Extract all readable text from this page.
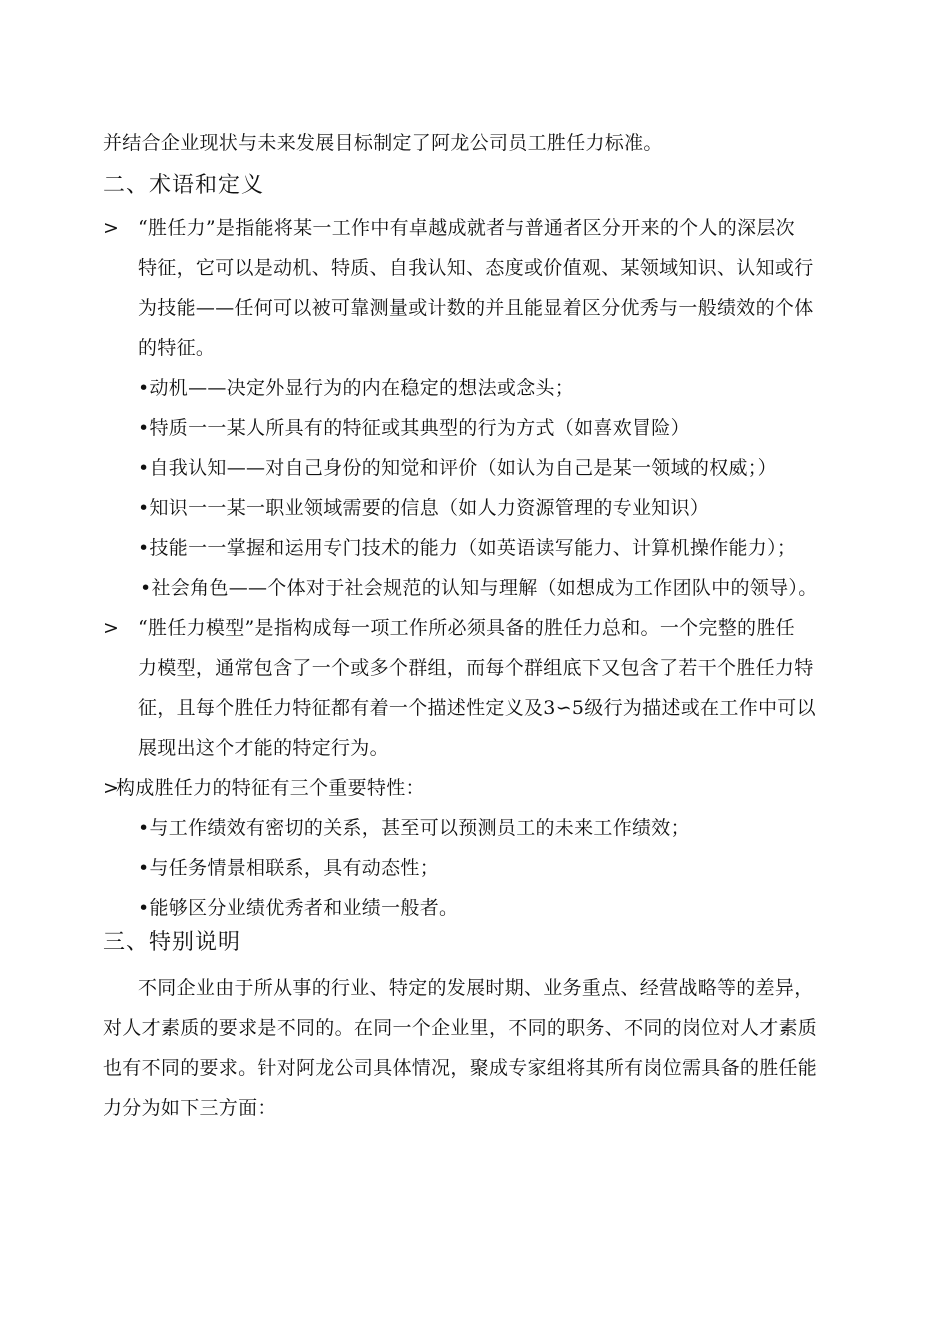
并结合企业现状与未来发展目标制定了阿龙公司员工胜任力标准。
二、术语和定义
> “胜任力”是指能将某一工作中有卓越成就者与普通者区分开来的个人的深层次
特征，它可以是动机、特质、自我认知、态度或价值观、某领域知识、认知或行
为技能——任何可以被可靠测量或计数的并且能显着区分优秀与一般绩效的个体
的特征。
•动机——决定外显行为的内在稳定的想法或念头；
•特质一一某人所具有的特征或其典型的行为方式（如喜欢冒险）
•自我认知——对自己身份的知觉和评价（如认为自己是某一领域的权威；）
•知识一一某一职业领域需要的信息（如人力资源管理的专业知识）
•技能一一掌握和运用专门技术的能力（如英语读写能力、计算机操作能力）；
•社会角色——个体对于社会规范的认知与理解（如想成为工作团队中的领导）。
> “胜任力模型”是指构成每一项工作所必须具备的胜任力总和。一个完整的胜任
力模型，通常包含了一个或多个群组，而每个群组底下又包含了若干个胜任力特
征，且每个胜任力特征都有着一个描述性定义及3∽5级行为描述或在工作中可以
展现出这个才能的特定行为。
>
构成胜任力的特征有三个重要特性：
•与工作绩效有密切的关系，甚至可以预测员工的未来工作绩效；
•与任务情景相联系，具有动态性；
•能够区分业绩优秀者和业绩一般者。
三、特别说明
不同企业由于所从事的行业、特定的发展时期、业务重点、经营战略等的差异，
对人才素质的要求是不同的。在同一个企业里，不同的职务、不同的岗位对人才素质
也有不同的要求。针对阿龙公司具体情况，聚成专家组将其所有岗位需具备的胜任能
力分为如下三方面：
